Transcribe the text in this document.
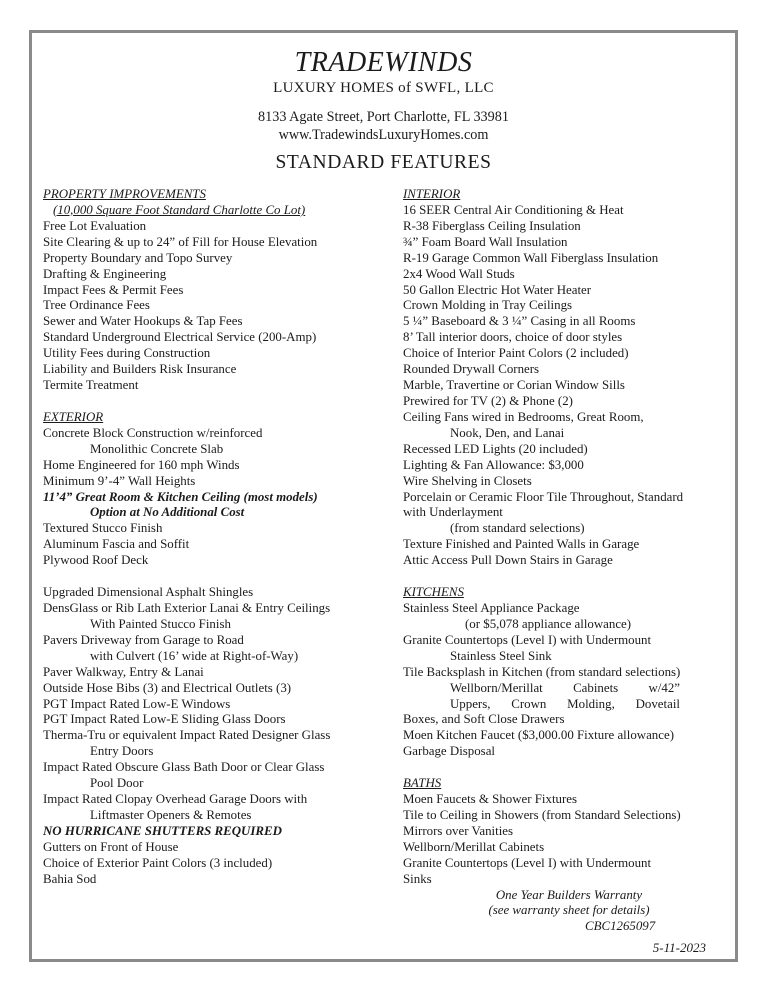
TRADEWINDS
LUXURY HOMES of SWFL, LLC
8133 Agate Street, Port Charlotte, FL 33981
www.TradewindsLuxuryHomes.com
STANDARD FEATURES
PROPERTY IMPROVEMENTS
(10,000 Square Foot Standard Charlotte Co Lot)
Free Lot Evaluation
Site Clearing & up to 24” of Fill for House Elevation
Property Boundary and Topo Survey
Drafting & Engineering
Impact Fees & Permit Fees
Tree Ordinance Fees
Sewer and Water Hookups & Tap Fees
Standard Underground Electrical Service (200-Amp)
Utility Fees during Construction
Liability and Builders Risk Insurance
Termite Treatment

EXTERIOR
Concrete Block Construction w/reinforced
Monolithic Concrete Slab
Home Engineered for 160 mph Winds
Minimum 9’-4” Wall Heights
11’4” Great Room & Kitchen Ceiling (most models)
Option at No Additional Cost
Textured Stucco Finish
Aluminum Fascia and Soffit
Plywood Roof Deck

Upgraded Dimensional Asphalt Shingles
DensGlass or Rib Lath Exterior Lanai & Entry Ceilings
With Painted Stucco Finish
Pavers Driveway from Garage to Road
with Culvert (16’ wide at Right-of-Way)
Paver Walkway, Entry & Lanai
Outside Hose Bibs (3) and Electrical Outlets (3)
PGT Impact Rated Low-E Windows
PGT Impact Rated Low-E Sliding Glass Doors
Therma-Tru or equivalent Impact Rated Designer Glass
Entry Doors
Impact Rated Obscure Glass Bath Door or Clear Glass
Pool Door
Impact Rated Clopay Overhead Garage Doors with
Liftmaster Openers & Remotes
NO HURRICANE SHUTTERS REQUIRED
Gutters on Front of House
Choice of Exterior Paint Colors (3 included)
Bahia Sod
INTERIOR
16 SEER Central Air Conditioning & Heat
R-38 Fiberglass Ceiling Insulation
¾” Foam Board Wall Insulation
R-19 Garage Common Wall Fiberglass Insulation
2x4 Wood Wall Studs
50 Gallon Electric Hot Water Heater
Crown Molding in Tray Ceilings
5 ¼” Baseboard & 3 ¼” Casing in all Rooms
8’ Tall interior doors, choice of door styles
Choice of Interior Paint Colors (2 included)
Rounded Drywall Corners
Marble, Travertine or Corian Window Sills
Prewired for TV (2) & Phone (2)
Ceiling Fans wired in Bedrooms, Great Room,
Nook, Den, and Lanai
Recessed LED Lights (20 included)
Lighting & Fan Allowance: $3,000
Wire Shelving in Closets
Porcelain or Ceramic Floor Tile Throughout, Standard
with Underlayment
(from standard selections)
Texture Finished and Painted Walls in Garage
Attic Access Pull Down Stairs in Garage

KITCHENS
Stainless Steel Appliance Package
(or $5,078 appliance allowance)
Granite Countertops (Level I) with Undermount
Stainless Steel Sink
Tile Backsplash in Kitchen (from standard selections)
Wellborn/Merillat Cabinets w/42”
Uppers, Crown Molding, Dovetail
Boxes, and Soft Close Drawers
Moen Kitchen Faucet ($3,000.00 Fixture allowance)
Garbage Disposal

BATHS
Moen Faucets & Shower Fixtures
Tile to Ceiling in Showers (from Standard Selections)
Mirrors over Vanities
Wellborn/Merillat Cabinets
Granite Countertops (Level I) with Undermount
Sinks
One Year Builders Warranty
(see warranty sheet for details)
CBC1265097
5-11-2023
